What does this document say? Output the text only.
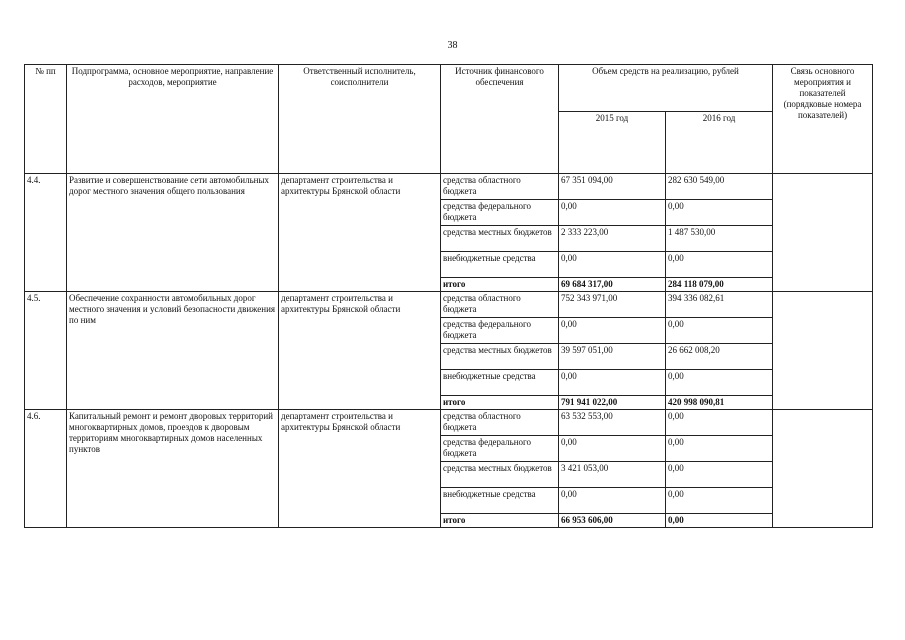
38
№ пп	Подпрограмма, основное мероприятие, направление расходов, мероприятие	Ответственный исполнитель, соисполнители	Источник финансового обеспечения	Объем средств на реализацию, рублей		Связь основного мероприятия и показателей (порядковые номера показателей)
				2015 год	2016 год	
4.4.	Развитие и совершенствование сети автомобильных дорог местного значения общего пользования	департамент строительства и архитектуры Брянской области	средства областного бюджета	67 351 094,00	282 630 549,00	
			средства федерального бюджета	0,00	0,00	
			средства местных бюджетов	2 333 223,00	1 487 530,00	
			внебюджетные средства	0,00	0,00	
			итого	69 684 317,00	284 118 079,00	
4.5.	Обеспечение сохранности автомобильных дорог местного значения и условий безопасности движения по ним	департамент строительства и архитектуры Брянской области	средства областного бюджета	752 343 971,00	394 336 082,61	
			средства федерального бюджета	0,00	0,00	
			средства местных бюджетов	39 597 051,00	26 662 008,20	
			внебюджетные средства	0,00	0,00	
			итого	791 941 022,00	420 998 090,81	
4.6.	Капитальный ремонт и ремонт дворовых территорий многоквартирных домов, проездов к дворовым территориям многоквартирных домов населенных пунктов	департамент строительства и архитектуры Брянской области	средства областного бюджета	63 532 553,00	0,00	
			средства федерального бюджета	0,00	0,00	
			средства местных бюджетов	3 421 053,00	0,00	
			внебюджетные средства	0,00	0,00	
			итого	66 953 606,00	0,00	
